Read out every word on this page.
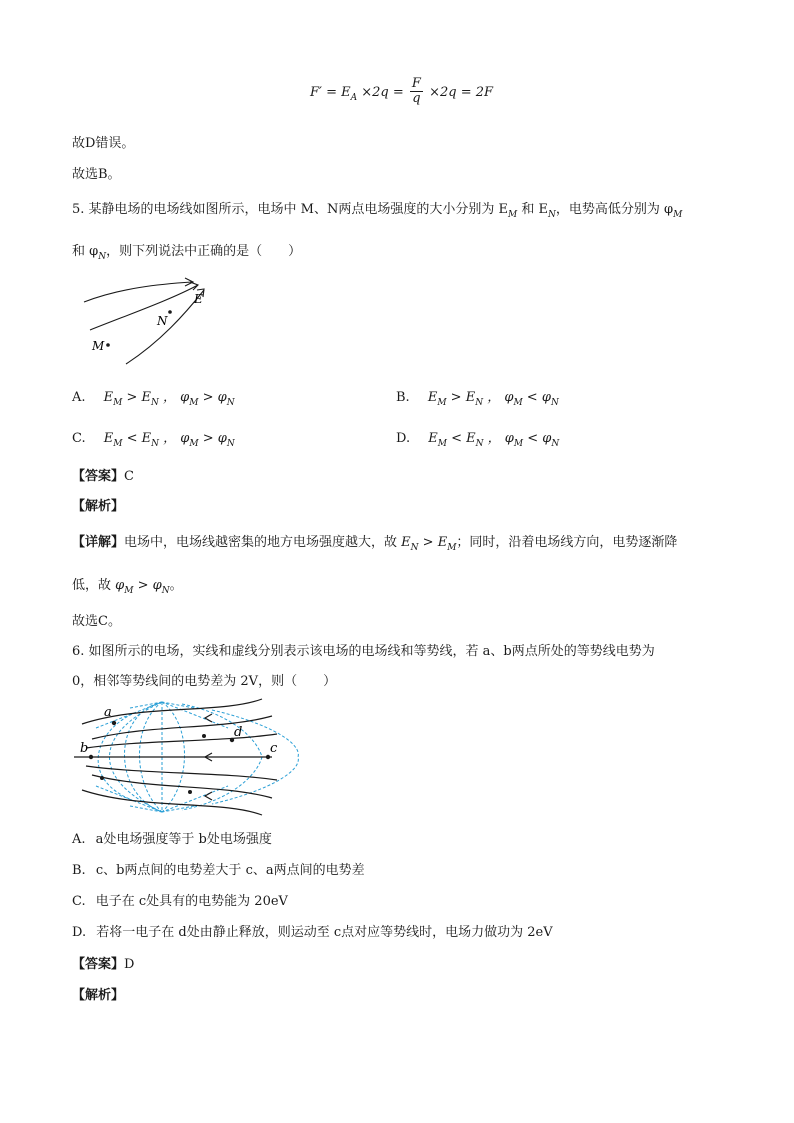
$F' = E_A \times 2q = \frac{F}{q} \times 2q = 2F$
故D错误。
故选B。
5. 某静电场的电场线如图所示，电场中 M、N两点电场强度的大小分别为 $E_M$ 和 $E_N$，电势高低分别为 $\varphi_M$
和 $\varphi_N$，则下列说法中正确的是（　　）
E
N
M
A. $E_M > E_N$ ， $\varphi_M > \varphi_N$	B. $E_M > E_N$ ， $\varphi_M < \varphi_N$
C. $E_M < E_N$ ， $\varphi_M > \varphi_N$	D. $E_M < E_N$ ， $\varphi_M < \varphi_N$
【答案】C
【解析】
【详解】电场中，电场线越密集的地方电场强度越大，故 $E_N > E_M$；同时，沿着电场线方向，电势逐渐降
低，故 $\varphi_M > \varphi_N$。
故选C。
6. 如图所示的电场，实线和虚线分别表示该电场的电场线和等势线，若 a、b两点所处的等势线电势为
0，相邻等势线间的电势差为 2V，则（　　）
a
b	c
d
A. a处电场强度等于 b处电场强度
B. c、b两点间的电势差大于 c、a两点间的电势差
C. 电子在 c处具有的电势能为 20eV
D. 若将一电子在 d处由静止释放，则运动至 c点对应等势线时，电场力做功为 2eV
【答案】D
【解析】
